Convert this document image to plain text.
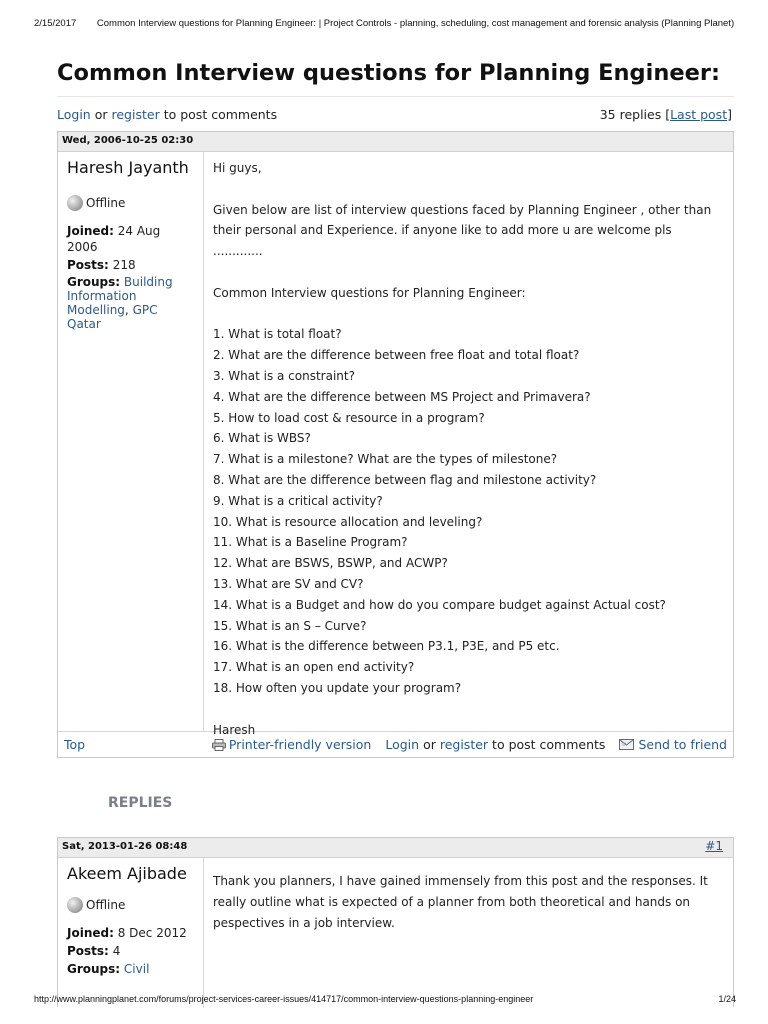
2/15/2017 Common Interview questions for Planning Engineer: | Project Controls - planning, scheduling, cost management and forensic analysis (Planning Planet)
Common Interview questions for Planning Engineer:
Login or register to post comments	35 replies [Last post]
Wed, 2006-10-25 02:30
Haresh Jayanth
Offline
Joined: 24 Aug 2006
Posts: 218
Groups: Building Information Modelling, GPC Qatar

Hi guys,

Given below are list of interview questions faced by Planning Engineer , other than their personal and Experience. if anyone like to add more u are welcome pls .............

Common Interview questions for Planning Engineer:

1. What is total float?

2. What are the difference between free float and total float?

3. What is a constraint?

4. What are the difference between MS Project and Primavera?

5. How to load cost & resource in a program?

6. What is WBS?

7. What is a milestone? What are the types of milestone?

8. What are the difference between flag and milestone activity?

9. What is a critical activity?

10. What is resource allocation and leveling?

11. What is a Baseline Program?

12. What are BSWS, BSWP, and ACWP?

13. What are SV and CV?

14. What is a Budget and how do you compare budget against Actual cost?

15. What is an S – Curve?

16. What is the difference between P3.1, P3E, and P5 etc.

17. What is an open end activity?

18. How often you update your program?

Haresh

Top	Printer-friendly version Login
or
register
to post comments	Send to friend
REPLIES
Sat, 2013-01-26 08:48	#1
Akeem Ajibade
Offline
Joined: 8 Dec 2012
Posts: 4
Groups: Civil

Thank you planners, I have gained immensely from this post and the responses. It really outline what is expected of a planner from both theoretical and hands on pespectives in a job interview.

http://www.planningplanet.com/forums/project-services-career-issues/414717/common-interview-questions-planning-engineer	1/24
